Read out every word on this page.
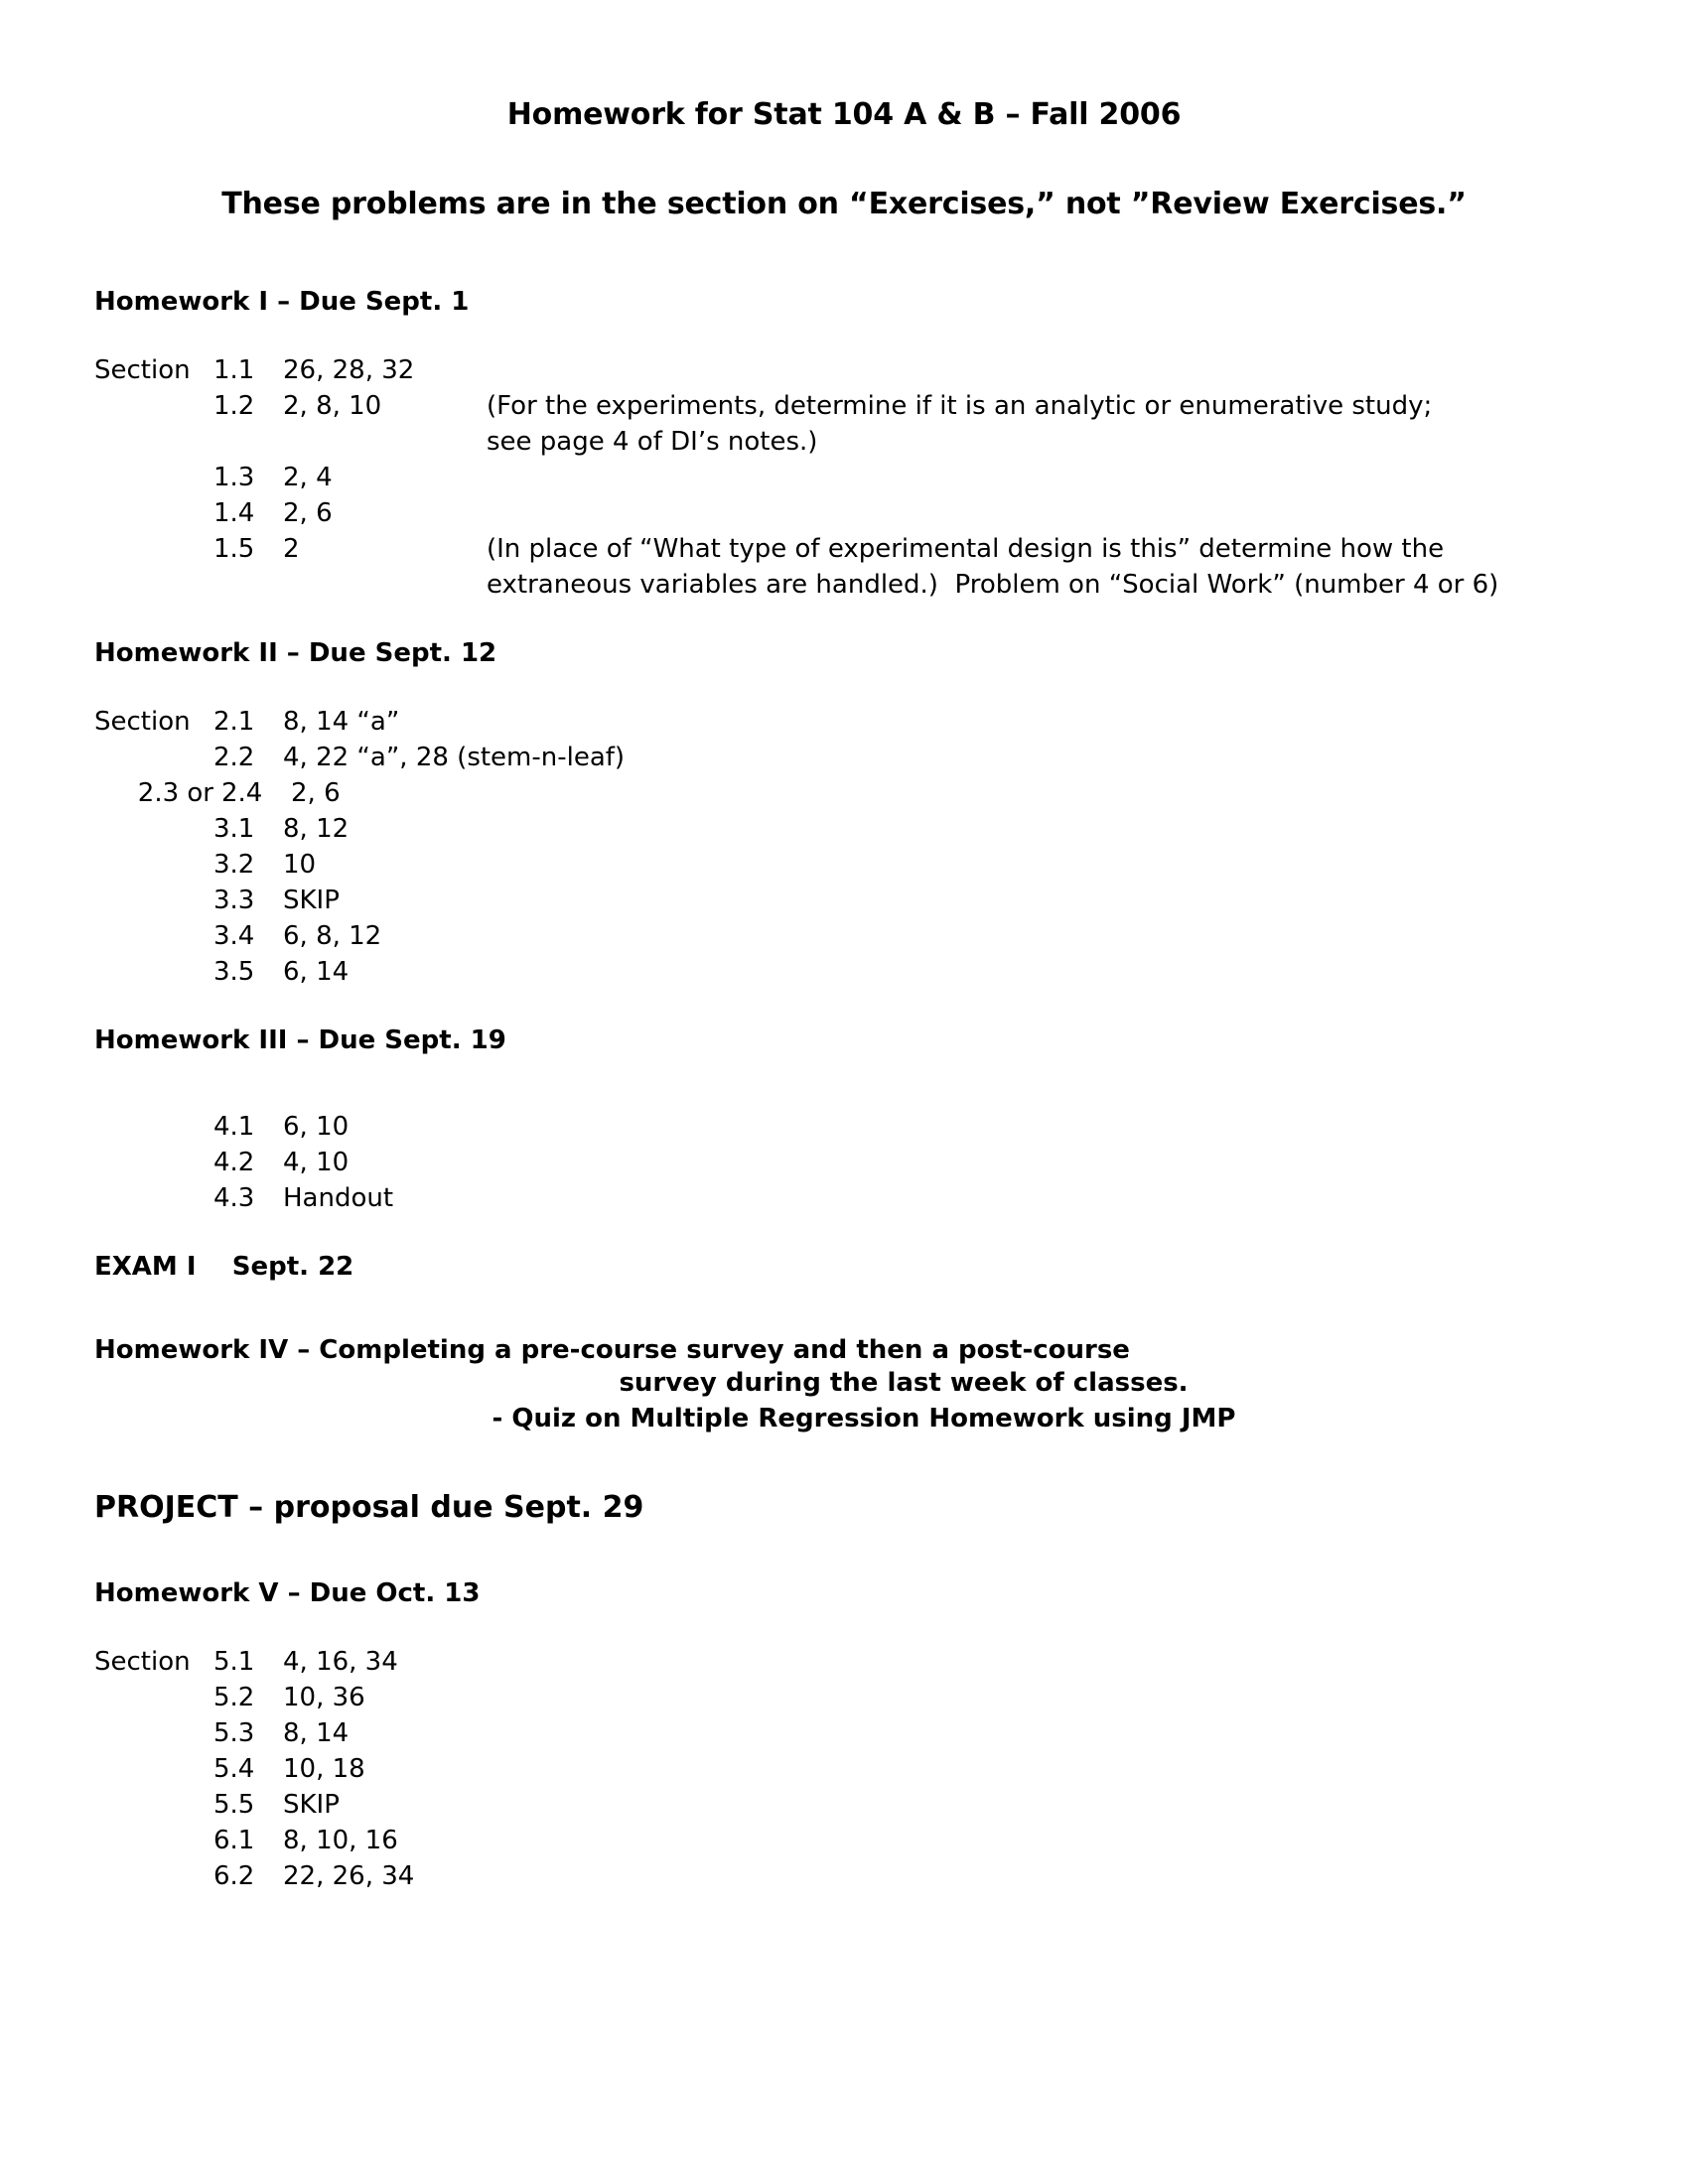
Homework for Stat 104 A & B – Fall 2006
These problems are in the section on “Exercises,” not ”Review Exercises.”
Homework I – Due Sept. 1
Section 1.1	26, 28, 32
1.2	2, 8, 10	(For the experiments, determine if it is an analytic or enumerative study;
see page 4 of DI’s notes.)
1.3	2, 4
1.4	2, 6
1.5	2	(In place of “What type of experimental design is this” determine how the
extraneous variables are handled.)  Problem on “Social Work” (number 4 or 6)
Homework II – Due Sept. 12
Section 2.1	8, 14 “a”
2.2	4, 22 “a”, 28 (stem-n-leaf)
2.3 or 2.4	2, 6
3.1	8, 12
3.2	10
3.3	SKIP
3.4	6, 8, 12
3.5	6, 14
Homework III – Due Sept. 19
4.1	6, 10
4.2	4, 10
4.3	Handout
EXAM I    Sept. 22
Homework IV – Completing a pre-course survey and then a post-course
survey during the last week of classes.
- Quiz on Multiple Regression Homework using JMP
PROJECT – proposal due Sept. 29
Homework V – Due Oct. 13
Section 5.1	4, 16, 34
5.2	10, 36
5.3	8, 14
5.4	10, 18
5.5	SKIP
6.1	8, 10, 16
6.2	22, 26, 34
